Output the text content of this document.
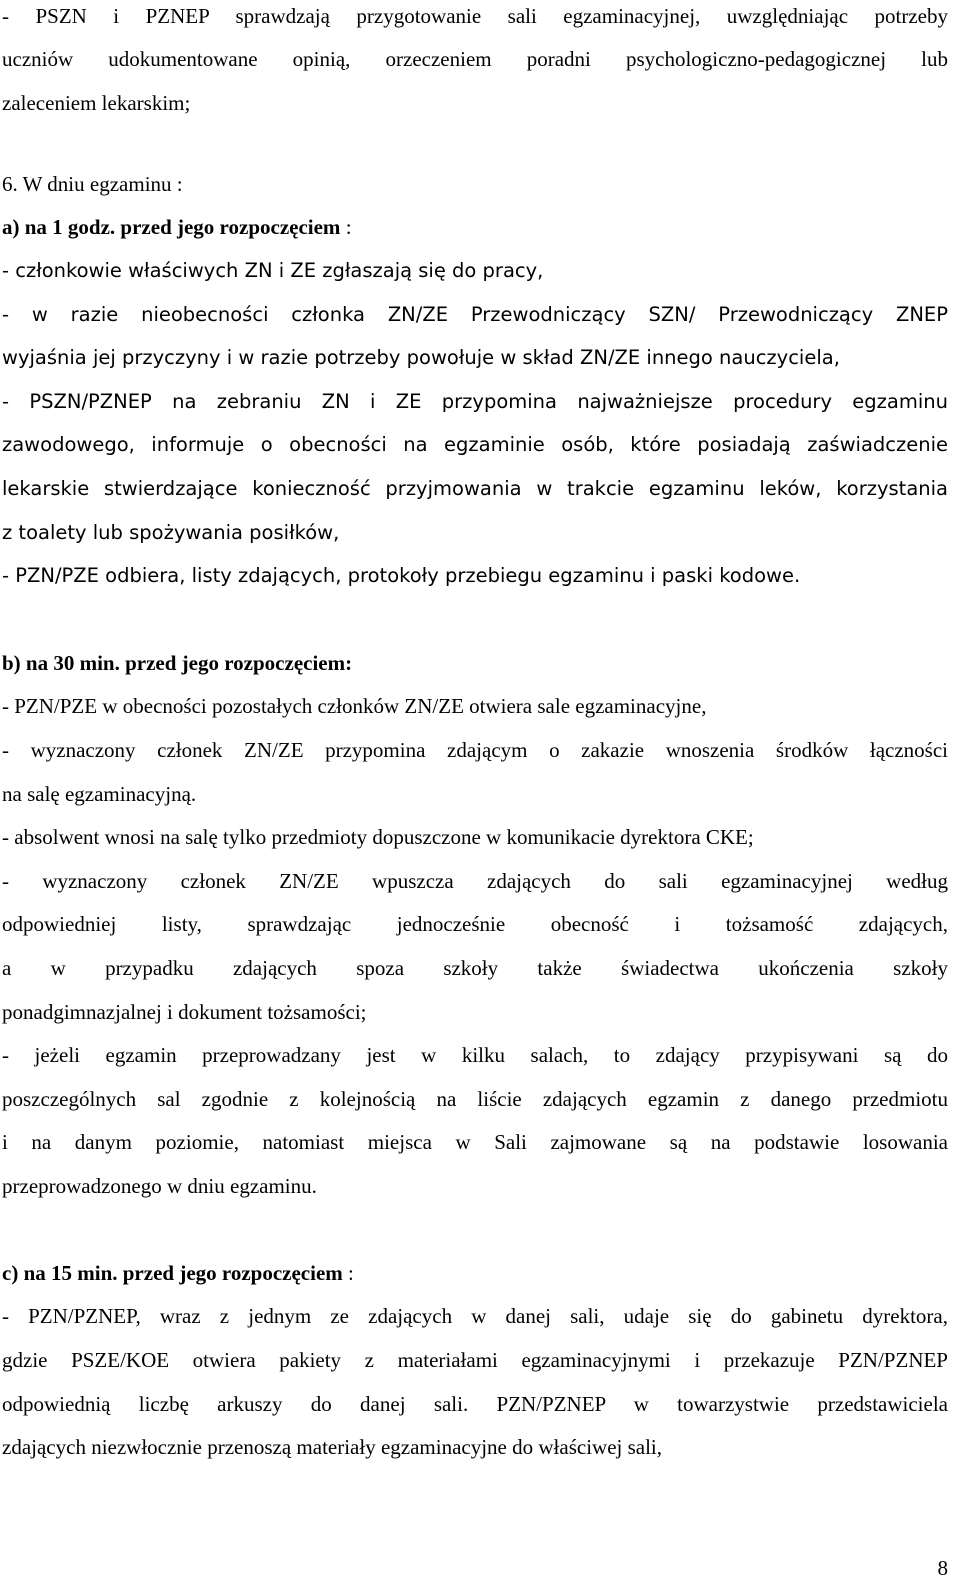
- PSZN i PZNEP sprawdzają przygotowanie sali egzaminacyjnej, uwzględniając potrzeby
uczniów udokumentowane opinią, orzeczeniem poradni psychologiczno-pedagogicznej lub
zaleceniem lekarskim;
6. W dniu egzaminu :
a) na 1 godz. przed jego rozpoczęciem :
- członkowie właściwych ZN i ZE zgłaszają się do pracy,
- w razie nieobecności członka ZN/ZE Przewodniczący SZN/ Przewodniczący ZNEP
wyjaśnia jej przyczyny i w razie potrzeby powołuje w skład ZN/ZE innego nauczyciela,
- PSZN/PZNEP na zebraniu ZN i ZE przypomina najważniejsze procedury egzaminu
zawodowego, informuje o obecności na egzaminie osób, które posiadają zaświadczenie
lekarskie stwierdzające konieczność przyjmowania w trakcie egzaminu leków, korzystania
z toalety lub spożywania posiłków,
- PZN/PZE odbiera, listy zdających, protokoły przebiegu egzaminu i paski kodowe.
b) na 30 min. przed jego rozpoczęciem:
- PZN/PZE w obecności pozostałych członków ZN/ZE otwiera sale egzaminacyjne,
- wyznaczony członek ZN/ZE przypomina zdającym o zakazie wnoszenia środków łączności
na salę egzaminacyjną.
- absolwent wnosi na salę tylko przedmioty dopuszczone w komunikacie dyrektora CKE;
- wyznaczony członek ZN/ZE wpuszcza zdających do sali egzaminacyjnej według
odpowiedniej listy, sprawdzając jednocześnie obecność i tożsamość zdających,
a w przypadku zdających spoza szkoły także świadectwa ukończenia szkoły
ponadgimnazjalnej i dokument tożsamości;
- jeżeli egzamin przeprowadzany jest w kilku salach, to zdający przypisywani są do
poszczególnych sal zgodnie z kolejnością na liście zdających egzamin z danego przedmiotu
i na danym poziomie, natomiast miejsca w Sali zajmowane są na podstawie losowania
przeprowadzonego w dniu egzaminu.
c) na 15 min. przed jego rozpoczęciem :
- PZN/PZNEP, wraz z jednym ze zdających w danej sali, udaje się do gabinetu dyrektora,
gdzie PSZE/KOE otwiera pakiety z materiałami egzaminacyjnymi i przekazuje PZN/PZNEP
odpowiednią liczbę arkuszy do danej sali. PZN/PZNEP w towarzystwie przedstawiciela
zdających niezwłocznie przenoszą materiały egzaminacyjne do właściwej sali,
8
